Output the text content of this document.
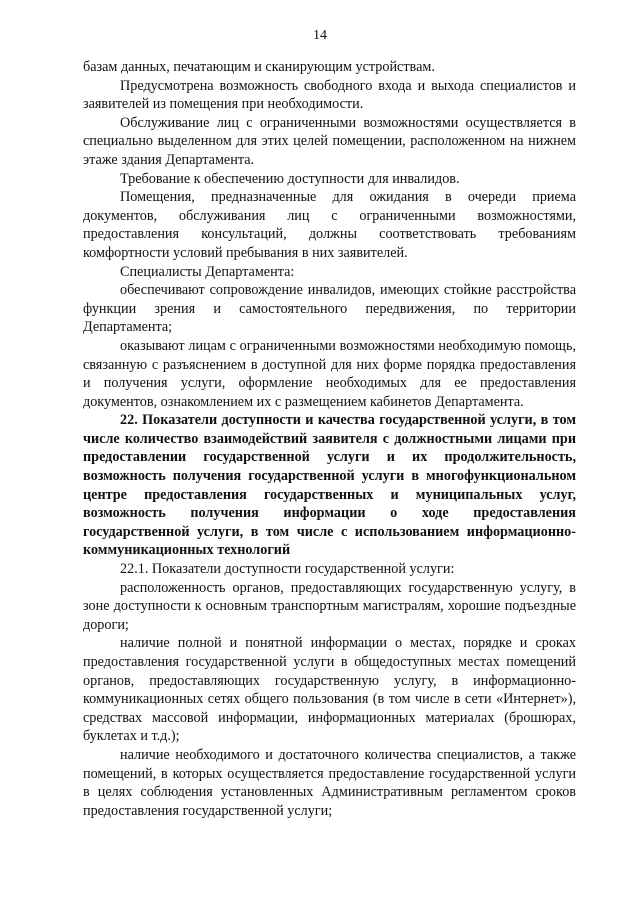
14

базам данных, печатающим и сканирующим устройствам.

Предусмотрена возможность свободного входа и выхода специалистов и заявителей из помещения при необходимости.

Обслуживание лиц с ограниченными возможностями осуществляется в специально выделенном для этих целей помещении, расположенном на нижнем этаже здания Департамента.

Требование к обеспечению доступности для инвалидов.

Помещения, предназначенные для ожидания в очереди приема документов, обслуживания лиц с ограниченными возможностями, предоставления консультаций, должны соответствовать требованиям комфортности условий пребывания в них заявителей.

Специалисты Департамента:

обеспечивают сопровождение инвалидов, имеющих стойкие расстройства функции зрения и самостоятельного передвижения, по территории Департамента;

оказывают лицам с ограниченными возможностями необходимую помощь, связанную с разъяснением в доступной для них форме порядка предоставления и получения услуги, оформление необходимых для ее предоставления документов, ознакомлением их с размещением кабинетов Департамента.

22. Показатели доступности и качества государственной услуги, в том числе количество взаимодействий заявителя с должностными лицами при предоставлении государственной услуги и их продолжительность, возможность получения государственной услуги в многофункциональном центре предоставления государственных и муниципальных услуг, возможность получения информации о ходе предоставления государственной услуги, в том числе с использованием информационно-коммуникационных технологий

22.1. Показатели доступности государственной услуги:

расположенность органов, предоставляющих государственную услугу, в зоне доступности к основным транспортным магистралям, хорошие подъездные дороги;

наличие полной и понятной информации о местах, порядке и сроках предоставления государственной услуги в общедоступных местах помещений органов, предоставляющих государственную услугу, в информационно-коммуникационных сетях общего пользования (в том числе в сети «Интернет»), средствах массовой информации, информационных материалах (брошюрах, буклетах и т.д.);

наличие необходимого и достаточного количества специалистов, а также помещений, в которых осуществляется предоставление государственной услуги в целях соблюдения установленных Административным регламентом сроков предоставления государственной услуги;
